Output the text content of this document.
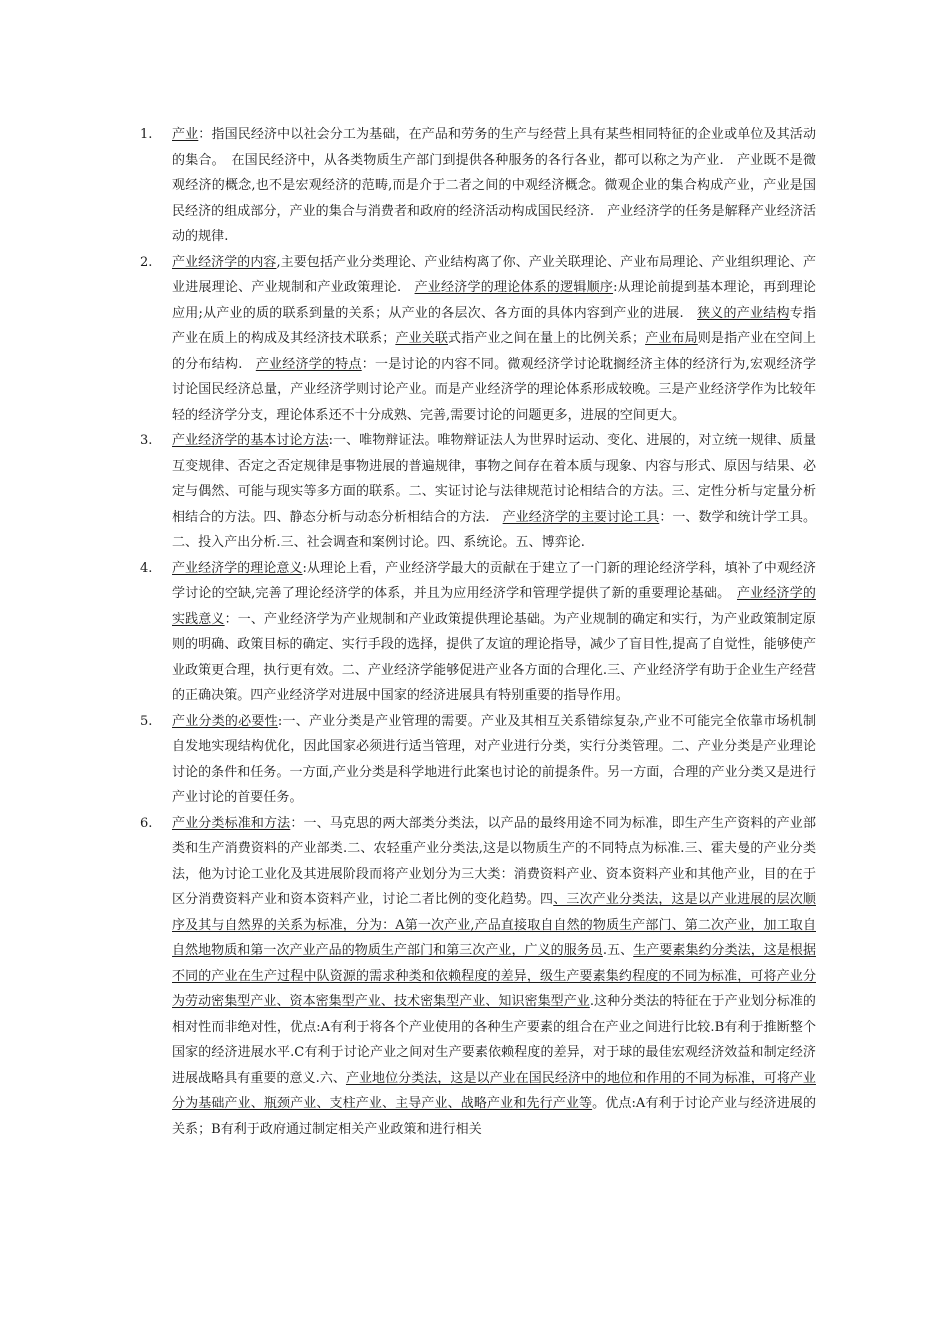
1.	产业：指国民经济中以社会分工为基础，在产品和劳务的生产与经营上具有某些相同特征的企业或单位及其活动的集合。　在国民经济中，从各类物质生产部门到提供各种服务的各行各业，都可以称之为产业.　产业既不是微观经济的概念,也不是宏观经济的范畴,而是介于二者之间的中观经济概念。微观企业的集合构成产业，产业是国民经济的组成部分，产业的集合与消费者和政府的经济活动构成国民经济.　产业经济学的任务是解释产业经济活动的规律.

2.	产业经济学的内容,主要包括产业分类理论、产业结构离了你、产业关联理论、产业布局理论、产业组织理论、产业进展理论、产业规制和产业政策理论.　产业经济学的理论体系的逻辑顺序:从理论前提到基本理论，再到理论应用;从产业的质的联系到量的关系；从产业的各层次、各方面的具体内容到产业的进展.　狭义的产业结构专指产业在质上的构成及其经济技术联系；产业关联式指产业之间在量上的比例关系；产业布局则是指产业在空间上的分布结构.　产业经济学的特点：一是讨论的内容不同。微观经济学讨论耽搁经济主体的经济行为,宏观经济学讨论国民经济总量，产业经济学则讨论产业。而是产业经济学的理论体系形成较晚。三是产业经济学作为比较年轻的经济学分支，理论体系还不十分成熟、完善,需要讨论的问题更多，进展的空间更大。

3.	产业经济学的基本讨论方法:一、唯物辩证法。唯物辩证法人为世界时运动、变化、进展的，对立统一规律、质量互变规律、否定之否定规律是事物进展的普遍规律，事物之间存在着本质与现象、内容与形式、原因与结果、必定与偶然、可能与现实等多方面的联系。二、实证讨论与法律规范讨论相结合的方法。三、定性分析与定量分析相结合的方法。四、静态分析与动态分析相结合的方法.　产业经济学的主要讨论工具：一、数学和统计学工具。二、投入产出分析.三、社会调查和案例讨论。四、系统论。五、博弈论.

4.	产业经济学的理论意义:从理论上看，产业经济学最大的贡献在于建立了一门新的理论经济学科，填补了中观经济学讨论的空缺,完善了理论经济学的体系，并且为应用经济学和管理学提供了新的重要理论基础。　产业经济学的实践意义：一、产业经济学为产业规制和产业政策提供理论基础。为产业规制的确定和实行，为产业政策制定原则的明确、政策目标的确定、实行手段的选择，提供了友谊的理论指导，减少了盲目性,提高了自觉性，能够使产业政策更合理，执行更有效。二、产业经济学能够促进产业各方面的合理化.三、产业经济学有助于企业生产经营的正确决策。四产业经济学对进展中国家的经济进展具有特别重要的指导作用。

5.	产业分类的必要性:一、产业分类是产业管理的需要。产业及其相互关系错综复杂,产业不可能完全依靠市场机制自发地实现结构优化，因此国家必须进行适当管理，对产业进行分类，实行分类管理。二、产业分类是产业理论讨论的条件和任务。一方面,产业分类是科学地进行此案也讨论的前提条件。另一方面，合理的产业分类又是进行产业讨论的首要任务。

6.	产业分类标准和方法：一、马克思的两大部类分类法，以产品的最终用途不同为标准，即生产生产资料的产业部类和生产消费资料的产业部类.二、农轻重产业分类法,这是以物质生产的不同特点为标准.三、霍夫曼的产业分类法，他为讨论工业化及其进展阶段而将产业划分为三大类：消费资料产业、资本资料产业和其他产业，目的在于区分消费资料产业和资本资料产业，讨论二者比例的变化趋势。四、三次产业分类法，这是以产业进展的层次顺序及其与自然界的关系为标准，分为：A第一次产业,产品直接取自自然的物质生产部门、第二次产业，加工取自自然地物质和第一次产业产品的物质生产部门和第三次产业，广义的服务员.五、生产要素集约分类法，这是根据不同的产业在生产过程中队资源的需求种类和依赖程度的差异，级生产要素集约程度的不同为标准，可将产业分为劳动密集型产业、资本密集型产业、技术密集型产业、知识密集型产业.这种分类法的特征在于产业划分标准的相对性而非绝对性，优点:A有利于将各个产业使用的各种生产要素的组合在产业之间进行比较.B有利于推断整个国家的经济进展水平.C有利于讨论产业之间对生产要素依赖程度的差异，对于球的最佳宏观经济效益和制定经济进展战略具有重要的意义.六、产业地位分类法，这是以产业在国民经济中的地位和作用的不同为标准，可将产业分为基础产业、瓶颈产业、支柱产业、主导产业、战略产业和先行产业等。优点:A有利于讨论产业与经济进展的关系；B有利于政府通过制定相关产业政策和进行相关
